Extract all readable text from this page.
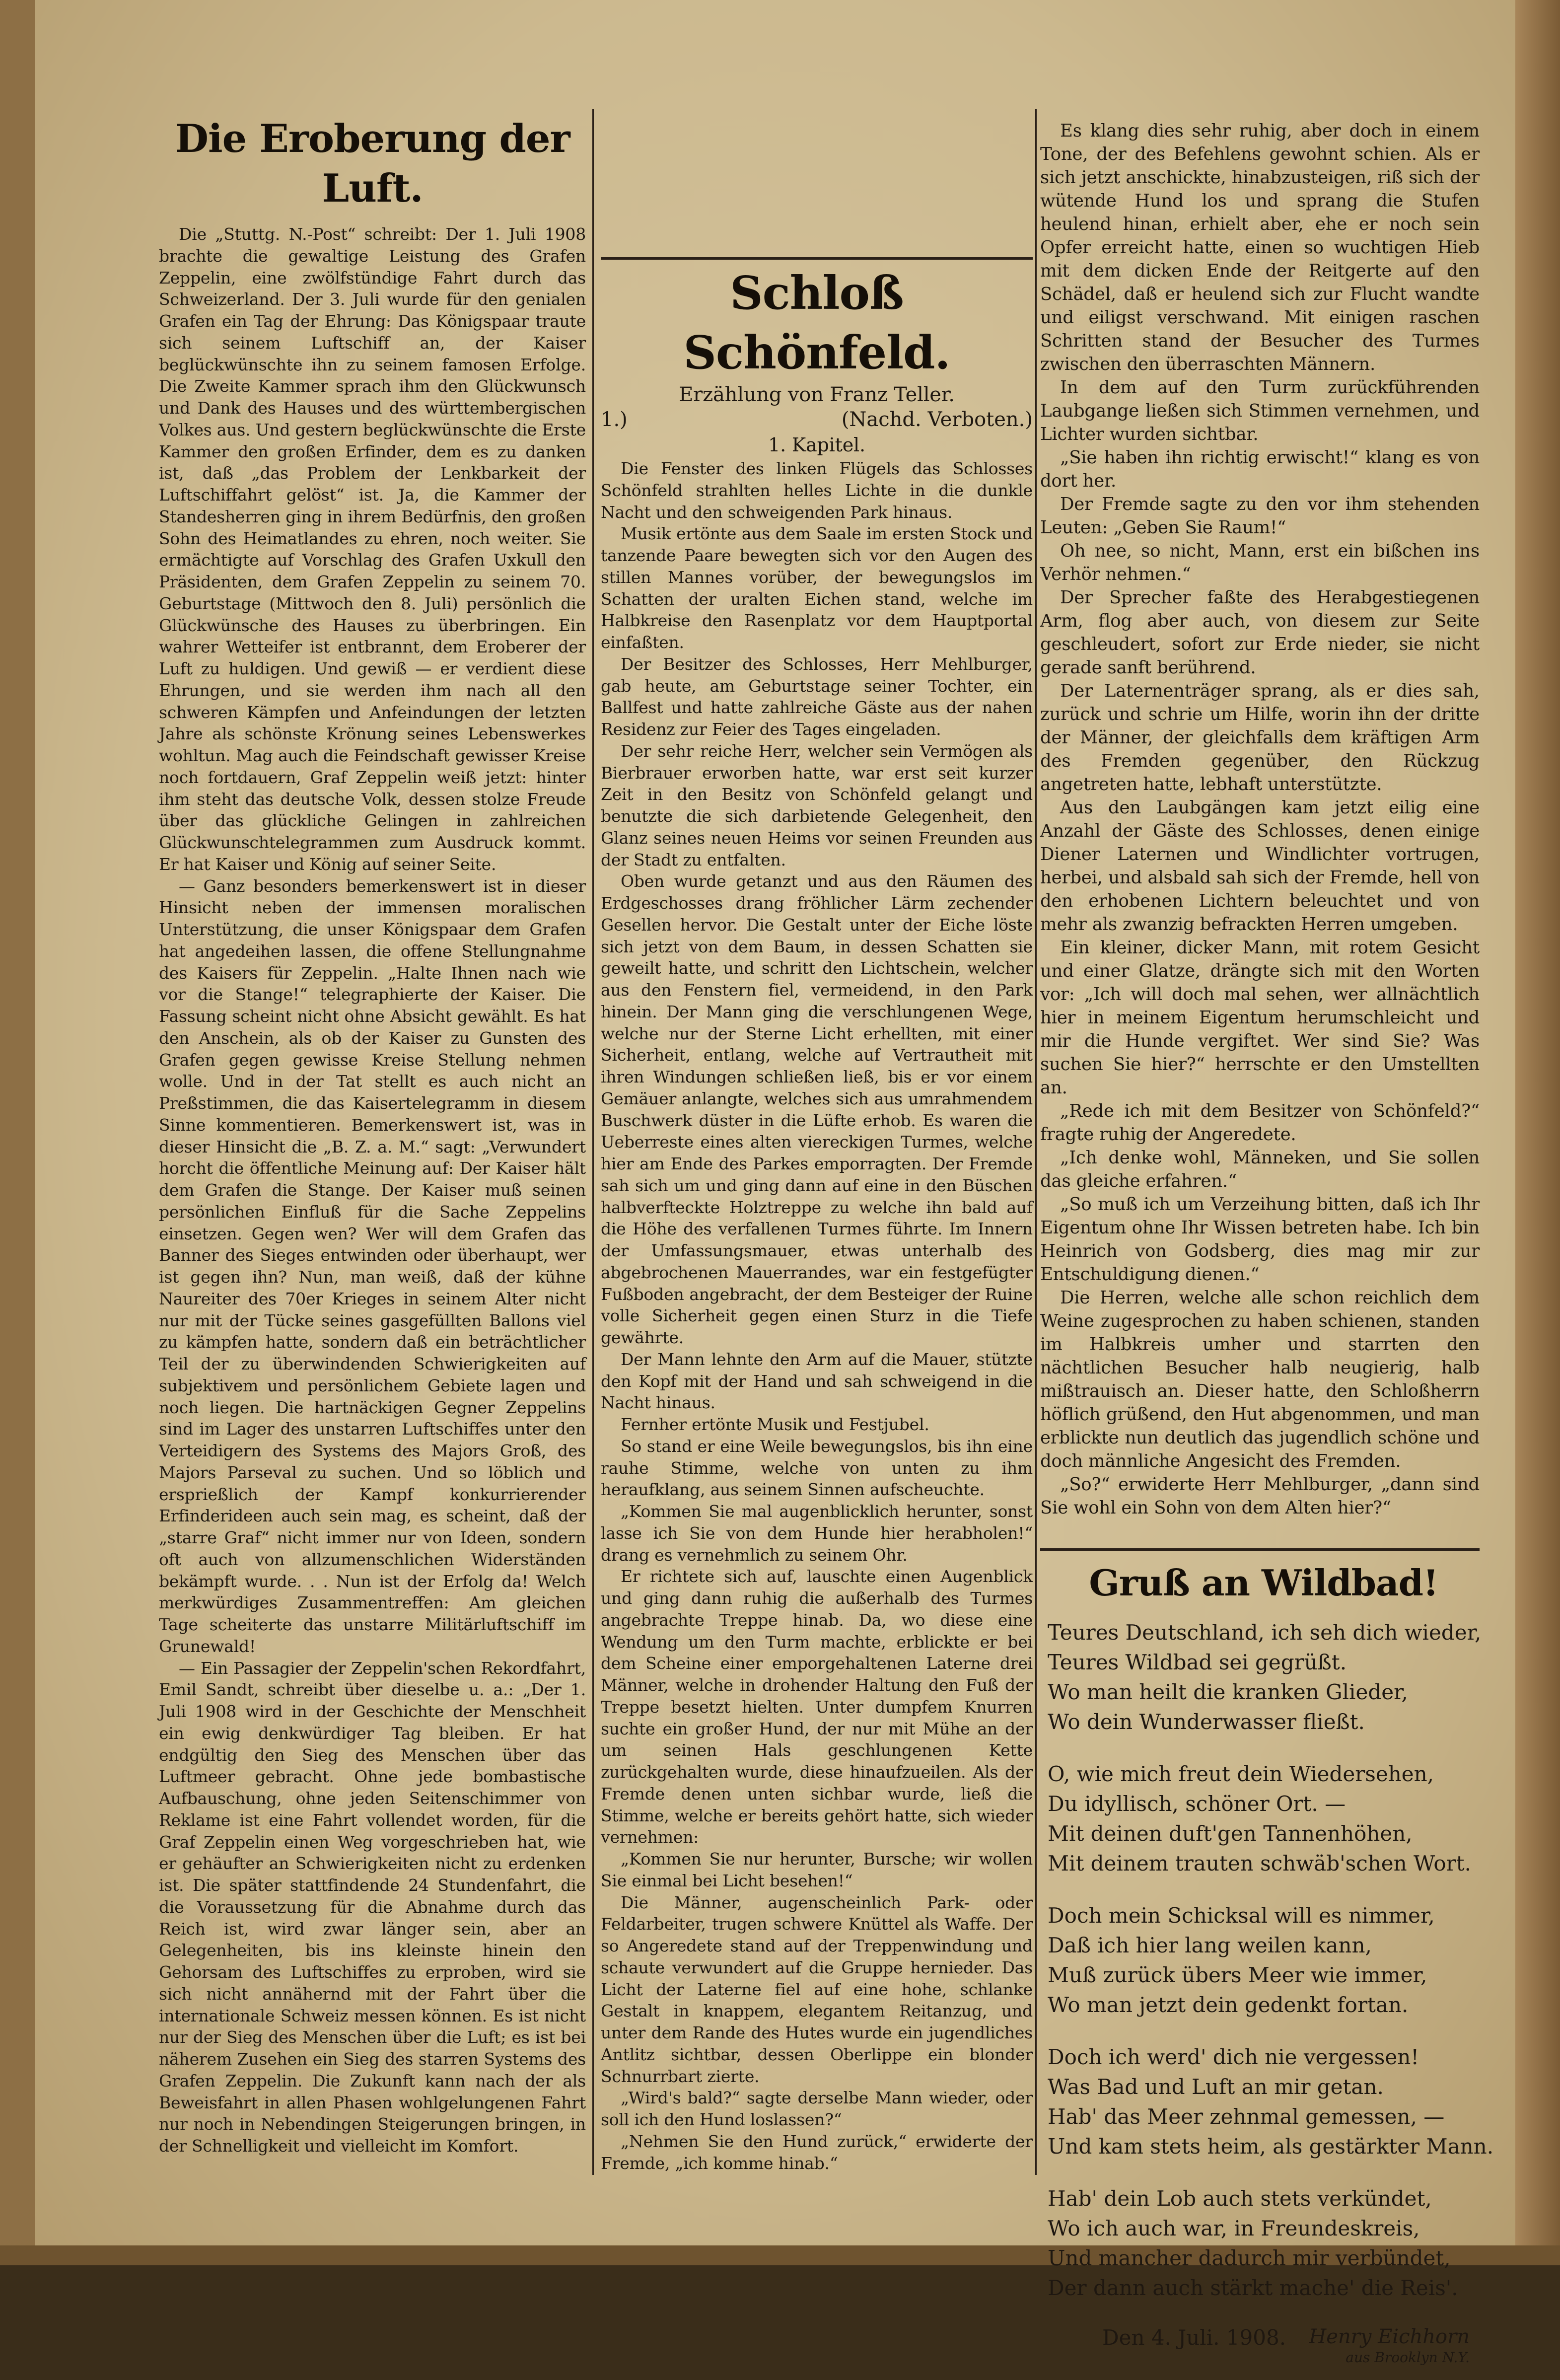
Die Eroberung der Luft.

Die „Stuttg. N.-Post“ schreibt: Der 1. Juli 1908 brachte die gewaltige Leistung des Grafen Zeppelin, eine zwölfstündige Fahrt durch das Schweizerland. Der 3. Juli wurde für den genialen Grafen ein Tag der Ehrung: Das Königspaar traute sich seinem Luftschiff an, der Kaiser beglückwünschte ihn zu seinem famosen Erfolge. Die Zweite Kammer sprach ihm den Glückwunsch und Dank des Hauses und des württembergischen Volkes aus. Und gestern beglückwünschte die Erste Kammer den großen Erfinder, dem es zu danken ist, daß „das Problem der Lenkbarkeit der Luftschiffahrt gelöst“ ist. Ja, die Kammer der Standesherren ging in ihrem Bedürfnis, den großen Sohn des Heimatlandes zu ehren, noch weiter. Sie ermächtigte auf Vorschlag des Grafen Uxkull den Präsidenten, dem Grafen Zeppelin zu seinem 70. Geburtstage (Mittwoch den 8. Juli) persönlich die Glückwünsche des Hauses zu überbringen. Ein wahrer Wetteifer ist entbrannt, dem Eroberer der Luft zu huldigen. Und gewiß — er verdient diese Ehrungen, und sie werden ihm nach all den schweren Kämpfen und Anfeindungen der letzten Jahre als schönste Krönung seines Lebenswerkes wohltun. Mag auch die Feindschaft gewisser Kreise noch fortdauern, Graf Zeppelin weiß jetzt: hinter ihm steht das deutsche Volk, dessen stolze Freude über das glückliche Gelingen in zahlreichen Glückwunschtelegrammen zum Ausdruck kommt. Er hat Kaiser und König auf seiner Seite.

— Ganz besonders bemerkenswert ist in dieser Hinsicht neben der immensen moralischen Unterstützung, die unser Königspaar dem Grafen hat angedeihen lassen, die offene Stellungnahme des Kaisers für Zeppelin. „Halte Ihnen nach wie vor die Stange!“ telegraphierte der Kaiser. Die Fassung scheint nicht ohne Absicht gewählt. Es hat den Anschein, als ob der Kaiser zu Gunsten des Grafen gegen gewisse Kreise Stellung nehmen wolle. Und in der Tat stellt es auch nicht an Preßstimmen, die das Kaisertelegramm in diesem Sinne kommentieren. Bemerkenswert ist, was in dieser Hinsicht die „B. Z. a. M.“ sagt: „Verwundert horcht die öffentliche Meinung auf: Der Kaiser hält dem Grafen die Stange. Der Kaiser muß seinen persönlichen Einfluß für die Sache Zeppelins einsetzen. Gegen wen? Wer will dem Grafen das Banner des Sieges entwinden oder überhaupt, wer ist gegen ihn? Nun, man weiß, daß der kühne Naureiter des 70er Krieges in seinem Alter nicht nur mit der Tücke seines gasgefüllten Ballons viel zu kämpfen hatte, sondern daß ein beträchtlicher Teil der zu überwindenden Schwierigkeiten auf subjektivem und persönlichem Gebiete lagen und noch liegen. Die hartnäckigen Gegner Zeppelins sind im Lager des unstarren Luftschiffes unter den Verteidigern des Systems des Majors Groß, des Majors Parseval zu suchen. Und so löblich und ersprießlich der Kampf konkurrierender Erfinderideen auch sein mag, es scheint, daß der „starre Graf“ nicht immer nur von Ideen, sondern oft auch von allzumenschlichen Widerständen bekämpft wurde. . . Nun ist der Erfolg da! Welch merkwürdiges Zusammentreffen: Am gleichen Tage scheiterte das unstarre Militärluftschiff im Grunewald!

— Ein Passagier der Zeppelin'schen Rekordfahrt, Emil Sandt, schreibt über dieselbe u. a.: „Der 1. Juli 1908 wird in der Geschichte der Menschheit ein ewig denkwürdiger Tag bleiben. Er hat endgültig den Sieg des Menschen über das Luftmeer gebracht. Ohne jede bombastische Aufbauschung, ohne jeden Seitenschimmer von Reklame ist eine Fahrt vollendet worden, für die Graf Zeppelin einen Weg vorgeschrieben hat, wie er gehäufter an Schwierigkeiten nicht zu erdenken ist. Die später stattfindende 24 Stundenfahrt, die die Voraussetzung für die Abnahme durch das Reich ist, wird zwar länger sein, aber an Gelegenheiten, bis ins kleinste hinein den Gehorsam des Luftschiffes zu erproben, wird sie sich nicht annähernd mit der Fahrt über die internationale Schweiz messen können. Es ist nicht nur der Sieg des Menschen über die Luft; es ist bei näherem Zusehen ein Sieg des starren Systems des Grafen Zeppelin. Die Zukunft kann nach der als Beweisfahrt in allen Phasen wohlgelungenen Fahrt nur noch in Nebendingen Steigerungen bringen, in der Schnelligkeit und vielleicht im Komfort.

Schloß Schönfeld.

Erzählung von Franz Teller.

1.)	(Nachd. Verboten.)

1. Kapitel.

Die Fenster des linken Flügels das Schlosses Schönfeld strahlten helles Lichte in die dunkle Nacht und den schweigenden Park hinaus.

Musik ertönte aus dem Saale im ersten Stock und tanzende Paare bewegten sich vor den Augen des stillen Mannes vorüber, der bewegungslos im Schatten der uralten Eichen stand, welche im Halbkreise den Rasenplatz vor dem Hauptportal einfaßten.

Der Besitzer des Schlosses, Herr Mehlburger, gab heute, am Geburtstage seiner Tochter, ein Ballfest und hatte zahlreiche Gäste aus der nahen Residenz zur Feier des Tages eingeladen.

Der sehr reiche Herr, welcher sein Vermögen als Bierbrauer erworben hatte, war erst seit kurzer Zeit in den Besitz von Schönfeld gelangt und benutzte die sich darbietende Gelegenheit, den Glanz seines neuen Heims vor seinen Freunden aus der Stadt zu entfalten.

Oben wurde getanzt und aus den Räumen des Erdgeschosses drang fröhlicher Lärm zechender Gesellen hervor. Die Gestalt unter der Eiche löste sich jetzt von dem Baum, in dessen Schatten sie geweilt hatte, und schritt den Lichtschein, welcher aus den Fenstern fiel, vermeidend, in den Park hinein. Der Mann ging die verschlungenen Wege, welche nur der Sterne Licht erhellten, mit einer Sicherheit, entlang, welche auf Vertrautheit mit ihren Windungen schließen ließ, bis er vor einem Gemäuer anlangte, welches sich aus umrahmendem Buschwerk düster in die Lüfte erhob. Es waren die Ueberreste eines alten viereckigen Turmes, welche hier am Ende des Parkes emporragten. Der Fremde sah sich um und ging dann auf eine in den Büschen halbverfteckte Holztreppe zu welche ihn bald auf die Höhe des verfallenen Turmes führte. Im Innern der Umfassungsmauer, etwas unterhalb des abgebrochenen Mauerrandes, war ein festgefügter Fußboden angebracht, der dem Besteiger der Ruine volle Sicherheit gegen einen Sturz in die Tiefe gewährte.

Der Mann lehnte den Arm auf die Mauer, stützte den Kopf mit der Hand und sah schweigend in die Nacht hinaus.

Fernher ertönte Musik und Festjubel.

So stand er eine Weile bewegungslos, bis ihn eine rauhe Stimme, welche von unten zu ihm heraufklang, aus seinem Sinnen aufscheuchte.

„Kommen Sie mal augenblicklich herunter, sonst lasse ich Sie von dem Hunde hier herabholen!“ drang es vernehmlich zu seinem Ohr.

Er richtete sich auf, lauschte einen Augenblick und ging dann ruhig die außerhalb des Turmes angebrachte Treppe hinab. Da, wo diese eine Wendung um den Turm machte, erblickte er bei dem Scheine einer emporgehaltenen Laterne drei Männer, welche in drohender Haltung den Fuß der Treppe besetzt hielten. Unter dumpfem Knurren suchte ein großer Hund, der nur mit Mühe an der um seinen Hals geschlungenen Kette zurückgehalten wurde, diese hinaufzueilen. Als der Fremde denen unten sichbar wurde, ließ die Stimme, welche er bereits gehört hatte, sich wieder vernehmen:

„Kommen Sie nur herunter, Bursche; wir wollen Sie einmal bei Licht besehen!“

Die Männer, augenscheinlich Park- oder Feldarbeiter, trugen schwere Knüttel als Waffe. Der so Angeredete stand auf der Treppenwindung und schaute verwundert auf die Gruppe hernieder. Das Licht der Laterne fiel auf eine hohe, schlanke Gestalt in knappem, elegantem Reitanzug, und unter dem Rande des Hutes wurde ein jugendliches Antlitz sichtbar, dessen Oberlippe ein blonder Schnurrbart zierte.

„Wird's bald?“ sagte derselbe Mann wieder, oder soll ich den Hund loslassen?“

„Nehmen Sie den Hund zurück,“ erwiderte der Fremde, „ich komme hinab.“

Es klang dies sehr ruhig, aber doch in einem Tone, der des Befehlens gewohnt schien. Als er sich jetzt anschickte, hinabzusteigen, riß sich der wütende Hund los und sprang die Stufen heulend hinan, erhielt aber, ehe er noch sein Opfer erreicht hatte, einen so wuchtigen Hieb mit dem dicken Ende der Reitgerte auf den Schädel, daß er heulend sich zur Flucht wandte und eiligst verschwand. Mit einigen raschen Schritten stand der Besucher des Turmes zwischen den überraschten Männern.

In dem auf den Turm zurückführenden Laubgange ließen sich Stimmen vernehmen, und Lichter wurden sichtbar.

„Sie haben ihn richtig erwischt!“ klang es von dort her.

Der Fremde sagte zu den vor ihm stehenden Leuten: „Geben Sie Raum!“

Oh nee, so nicht, Mann, erst ein bißchen ins Verhör nehmen.“

Der Sprecher faßte des Herabgestiegenen Arm, flog aber auch, von diesem zur Seite geschleudert, sofort zur Erde nieder, sie nicht gerade sanft berührend.

Der Laternenträger sprang, als er dies sah, zurück und schrie um Hilfe, worin ihn der dritte der Männer, der gleichfalls dem kräftigen Arm des Fremden gegenüber, den Rückzug angetreten hatte, lebhaft unterstützte.

Aus den Laubgängen kam jetzt eilig eine Anzahl der Gäste des Schlosses, denen einige Diener Laternen und Windlichter vortrugen, herbei, und alsbald sah sich der Fremde, hell von den erhobenen Lichtern beleuchtet und von mehr als zwanzig befrackten Herren umgeben.

Ein kleiner, dicker Mann, mit rotem Gesicht und einer Glatze, drängte sich mit den Worten vor: „Ich will doch mal sehen, wer allnächtlich hier in meinem Eigentum herumschleicht und mir die Hunde vergiftet. Wer sind Sie? Was suchen Sie hier?“ herrschte er den Umstellten an.

„Rede ich mit dem Besitzer von Schönfeld?“ fragte ruhig der Angeredete.

„Ich denke wohl, Männeken, und Sie sollen das gleiche erfahren.“

„So muß ich um Verzeihung bitten, daß ich Ihr Eigentum ohne Ihr Wissen betreten habe. Ich bin Heinrich von Godsberg, dies mag mir zur Entschuldigung dienen.“

Die Herren, welche alle schon reichlich dem Weine zugesprochen zu haben schienen, standen im Halbkreis umher und starrten den nächtlichen Besucher halb neugierig, halb mißtrauisch an. Dieser hatte, den Schloßherrn höflich grüßend, den Hut abgenommen, und man erblickte nun deutlich das jugendlich schöne und doch männliche Angesicht des Fremden.

„So?“ erwiderte Herr Mehlburger, „dann sind Sie wohl ein Sohn von dem Alten hier?“

Gruß an Wildbad!
Teures Deutschland, ich seh dich wieder,
Teures Wildbad sei gegrüßt.
Wo man heilt die kranken Glieder,
Wo dein Wunderwasser fließt.
O, wie mich freut dein Wiedersehen,
Du idyllisch, schöner Ort. —
Mit deinen duft'gen Tannenhöhen,
Mit deinem trauten schwäb'schen Wort.
Doch mein Schicksal will es nimmer,
Daß ich hier lang weilen kann,
Muß zurück übers Meer wie immer,
Wo man jetzt dein gedenkt fortan.
Doch ich werd' dich nie vergessen!
Was Bad und Luft an mir getan.
Hab' das Meer zehnmal gemessen, —
Und kam stets heim, als gestärkter Mann.
Hab' dein Lob auch stets verkündet,
Wo ich auch war, in Freundeskreis,
Und mancher dadurch mir verbündet,
Der dann auch stärkt mache' die Reis'.
Den 4. Juli. 1908. Henry Eichhorn
aus Brooklyn N.Y.
